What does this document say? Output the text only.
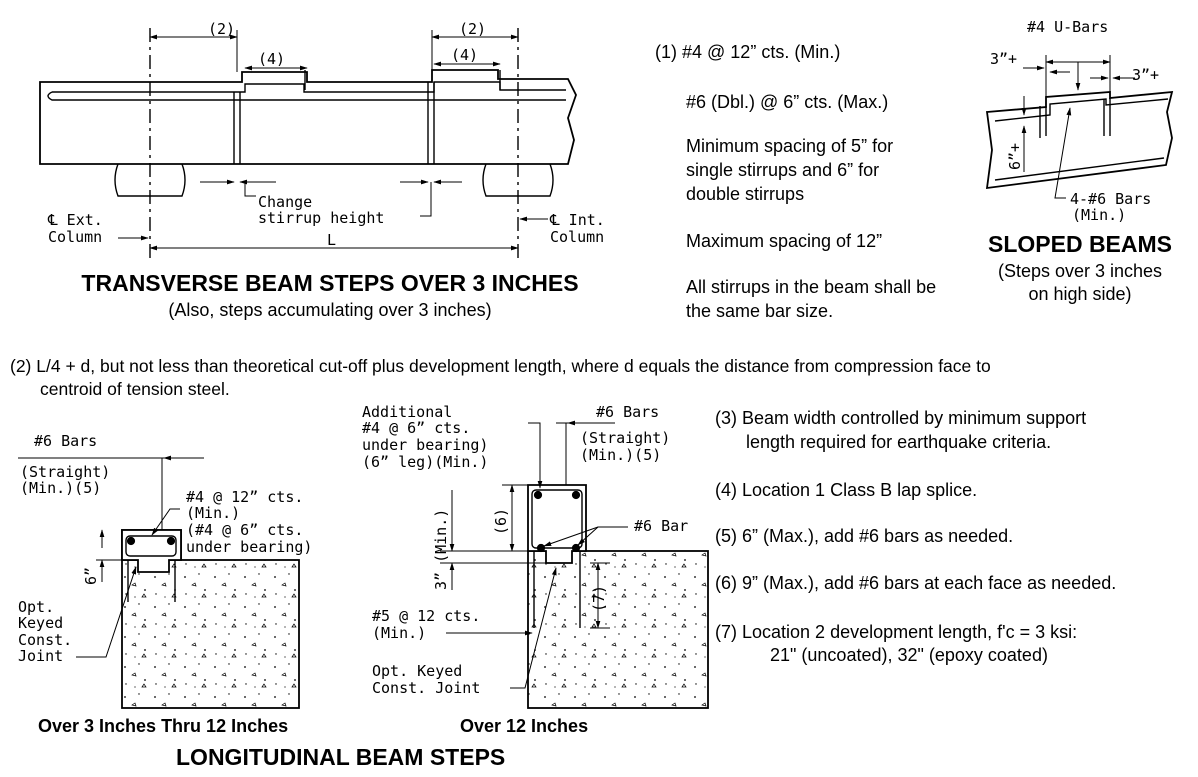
(2)	(2)
(4)	(4)
Change
stirrup height
℄ Ext.
Column
℄ Int.
Column
L
#4 U-Bars
3”+
3”+
6”+
4-#6 Bars
(Min.)
#6 Bars
(Straight)
(Min.)(5)	#4 @ 12” cts.
(Min.)
(#4 @ 6” cts.
under bearing)
6”
Opt.
Keyed
Const.
Joint
Additional
#4 @ 6” cts.
under bearing)
(6” leg)(Min.)
#6 Bars
(Straight)
(Min.)(5)
#6 Bar
(6)
3” (Min.)
(7)
#5 @ 12 cts.
(Min.)
Opt. Keyed
Const. Joint
TRANSVERSE BEAM STEPS OVER 3 INCHES
(Also, steps accumulating over 3 inches)
(1) #4 @ 12” cts. (Min.)
#6 (Dbl.) @ 6” cts. (Max.)
Minimum spacing of 5” for
single stirrups and 6” for
double stirrups
Maximum spacing of 12”
All stirrups in the beam shall be
the same bar size.
SLOPED BEAMS
(Steps over 3 inches
on high side)
(2) L/4 + d, but not less than theoretical cut-off plus development length, where d equals the distance from compression face to
centroid of tension steel.
(3) Beam width controlled by minimum support
length required for earthquake criteria.
(4) Location 1 Class B lap splice.
(5) 6” (Max.), add #6 bars as needed.
(6) 9” (Max.), add #6 bars at each face as needed.
(7) Location 2 development length, f'c = 3 ksi:
21" (uncoated), 32" (epoxy coated)
Over 3 Inches Thru 12 Inches	Over 12 Inches
LONGITUDINAL BEAM STEPS
